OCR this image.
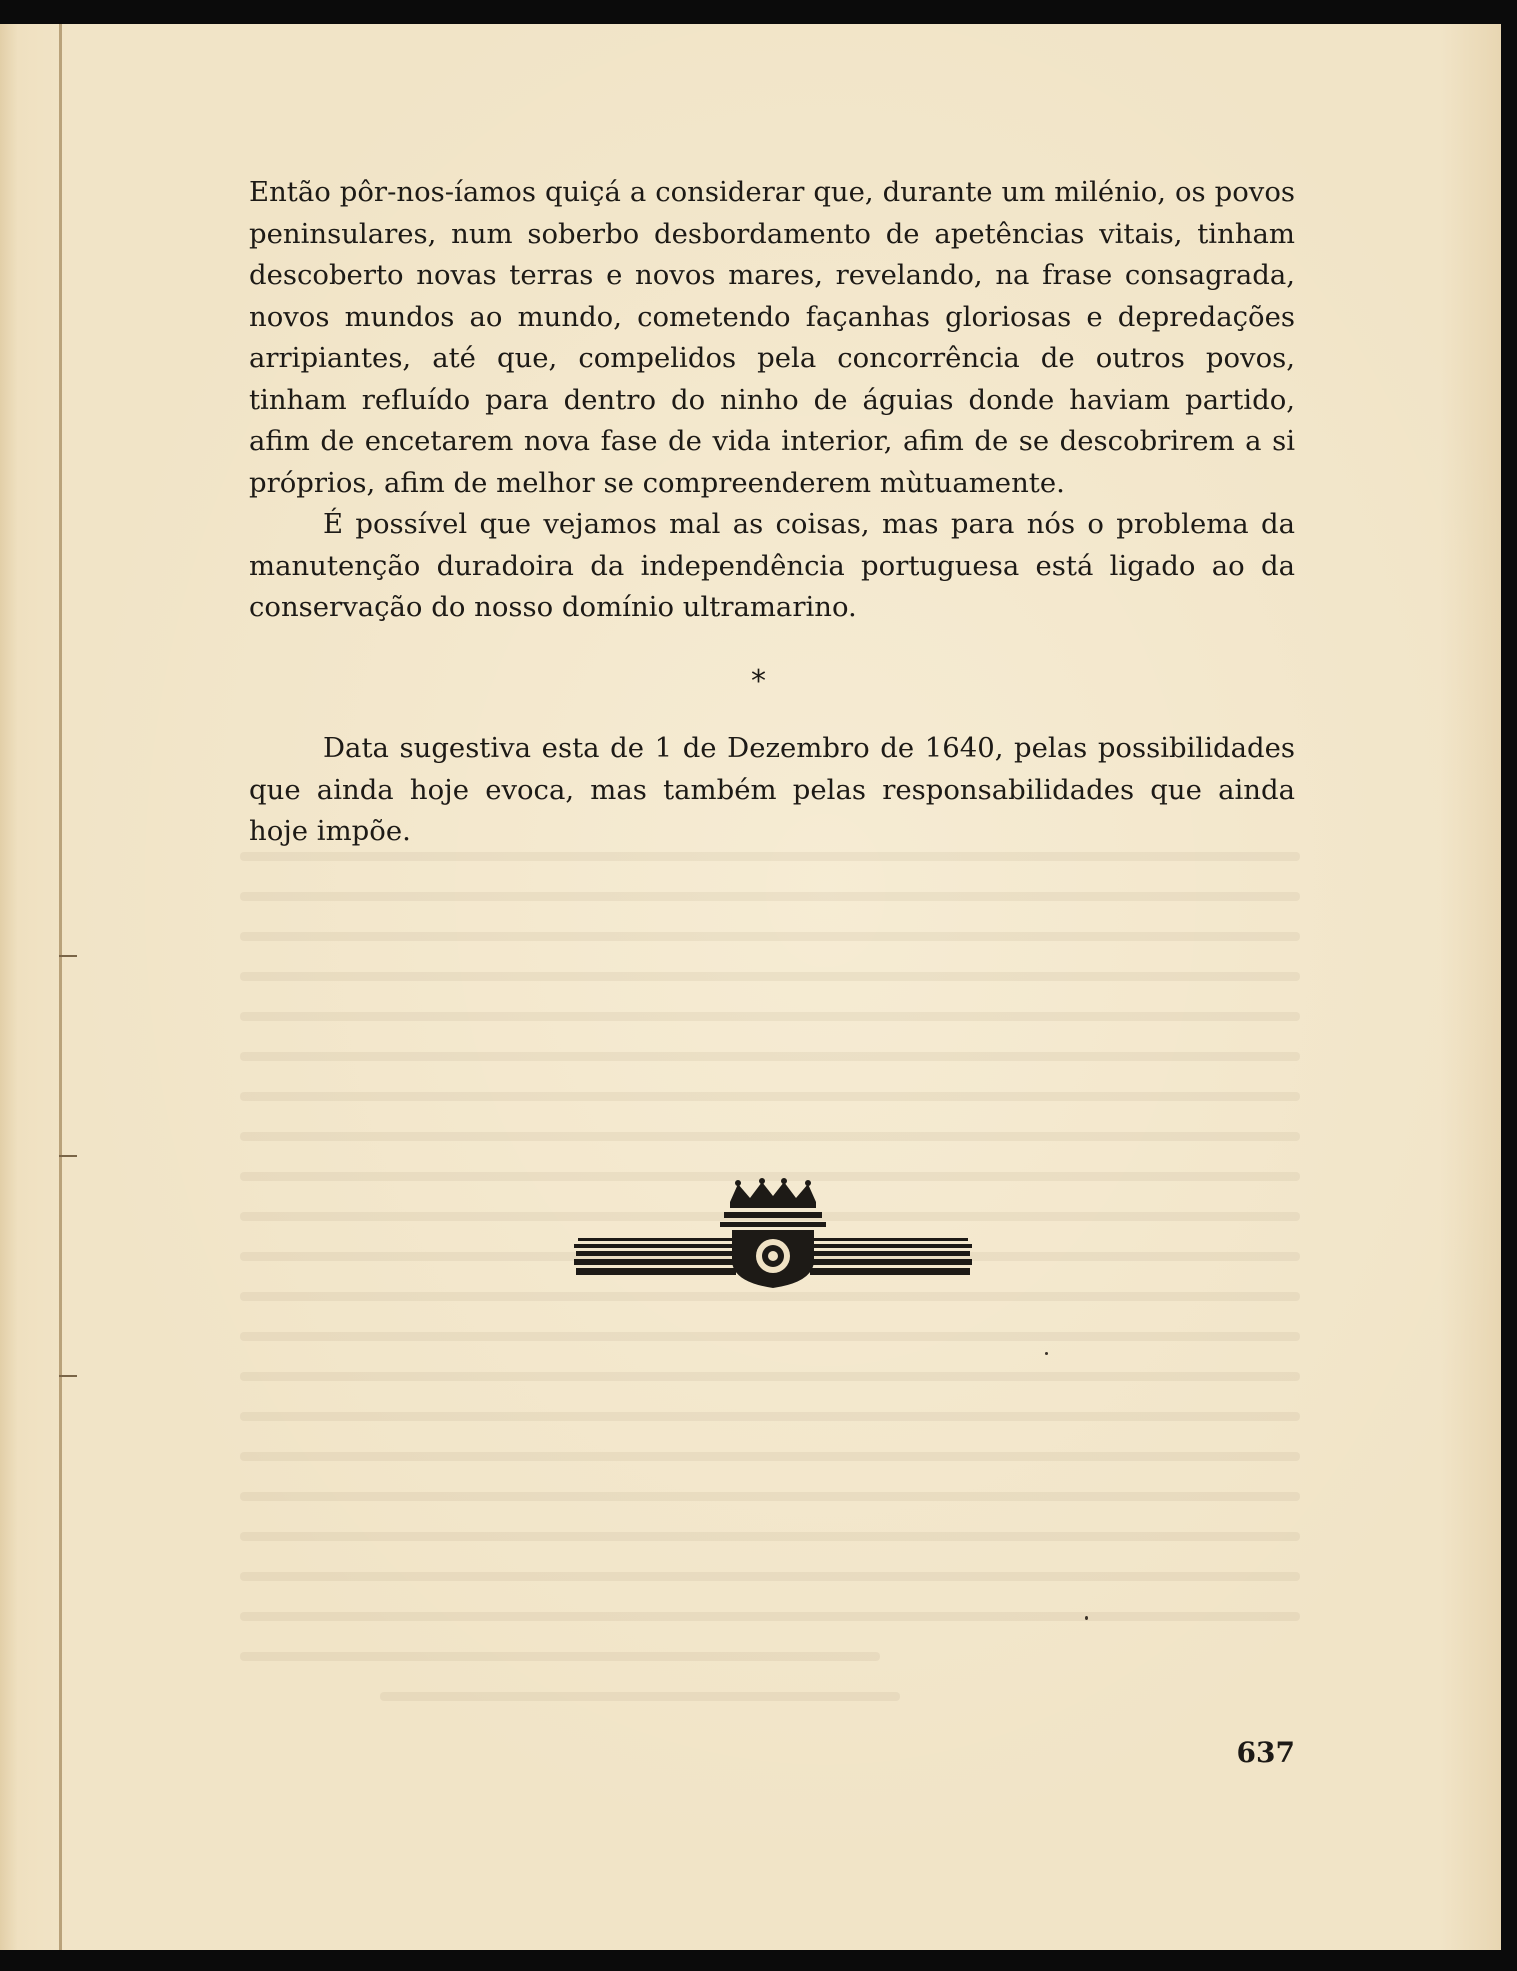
Então pôr-nos-íamos quiçá a considerar que, durante um milénio, os povos peninsulares, num soberbo desbordamento de apetências vitais, tinham descoberto novas terras e novos mares, revelando, na frase consagrada, novos mundos ao mundo, cometendo façanhas gloriosas e depredações arripiantes, até que, compelidos pela concorrência de outros povos, tinham refluído para dentro do ninho de águias donde haviam partido, afim de encetarem nova fase de vida interior, afim de se descobrirem a si próprios, afim de melhor se compreenderem mùtuamente.

É possível que vejamos mal as coisas, mas para nós o problema da manutenção duradoira da independência portuguesa está ligado ao da conservação do nosso domínio ultramarino.

*

Data sugestiva esta de 1 de Dezembro de 1640, pelas possibilidades que ainda hoje evoca, mas também pelas responsabilidades que ainda hoje impõe.

637
